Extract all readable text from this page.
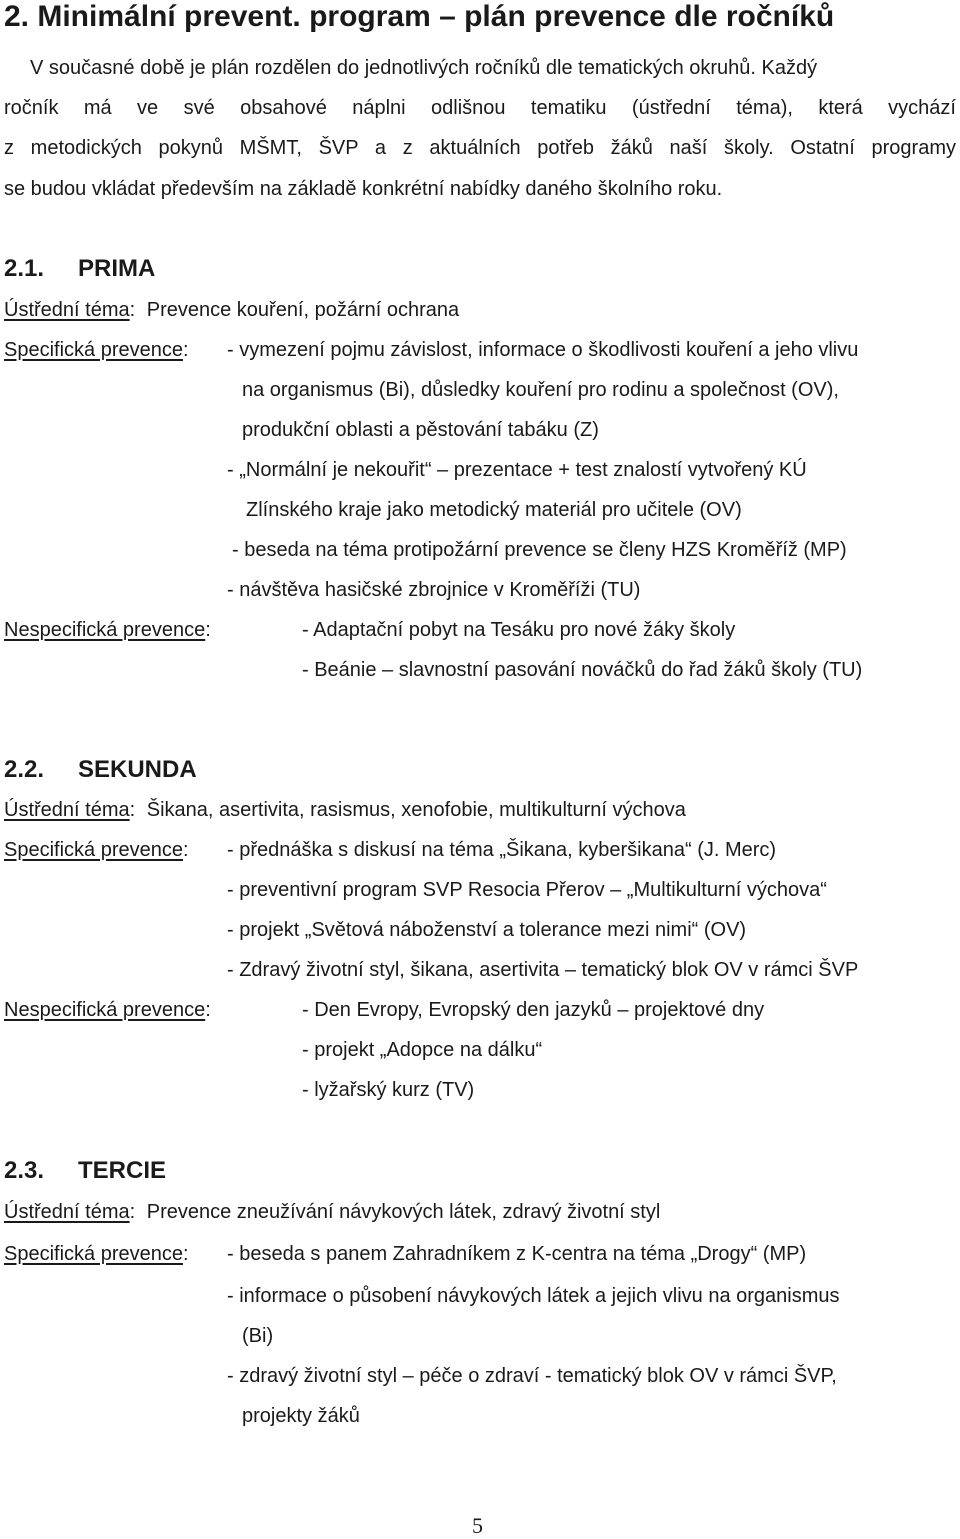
2. Minimální prevent. program – plán prevence dle ročníků
V současné době je plán rozdělen do jednotlivých ročníků dle tematických okruhů. Každý
ročník má ve své obsahové náplni odlišnou tematiku (ústřední téma), která vychází
z metodických pokynů MŠMT, ŠVP a z aktuálních potřeb žáků naší školy. Ostatní programy
se budou vkládat především na základě konkrétní nabídky daného školního roku.
2.1. PRIMA
Ústřední téma: Prevence kouření, požární ochrana
Specifická prevence: - vymezení pojmu závislost, informace o škodlivosti kouření a jeho vlivu
na organismus (Bi), důsledky kouření pro rodinu a společnost (OV),
produkční oblasti a pěstování tabáku (Z)
- „Normální je nekouřit“ – prezentace + test znalostí vytvořený KÚ
Zlínského kraje jako metodický materiál pro učitele (OV)
- beseda na téma protipožární prevence se členy HZS Kroměříž (MP)
- návštěva hasičské zbrojnice v Kroměříži (TU)
Nespecifická prevence:	- Adaptační pobyt na Tesáku pro nové žáky školy
- Beánie – slavnostní pasování nováčků do řad žáků školy (TU)
2.2. SEKUNDA
Ústřední téma: Šikana, asertivita, rasismus, xenofobie, multikulturní výchova
Specifická prevence: - přednáška s diskusí na téma „Šikana, kyberšikana“ (J. Merc)
- preventivní program SVP Resocia Přerov – „Multikulturní výchova“
- projekt „Světová náboženství a tolerance mezi nimi“ (OV)
- Zdravý životní styl, šikana, asertivita – tematický blok OV v rámci ŠVP
Nespecifická prevence:	- Den Evropy, Evropský den jazyků – projektové dny
- projekt „Adopce na dálku“
- lyžařský kurz (TV)
2.3. TERCIE
Ústřední téma: Prevence zneužívání návykových látek, zdravý životní styl
Specifická prevence: - beseda s panem Zahradníkem z K-centra na téma „Drogy“ (MP)
- informace o působení návykových látek a jejich vlivu na organismus
(Bi)
- zdravý životní styl – péče o zdraví - tematický blok OV v rámci ŠVP,
projekty žáků
5
